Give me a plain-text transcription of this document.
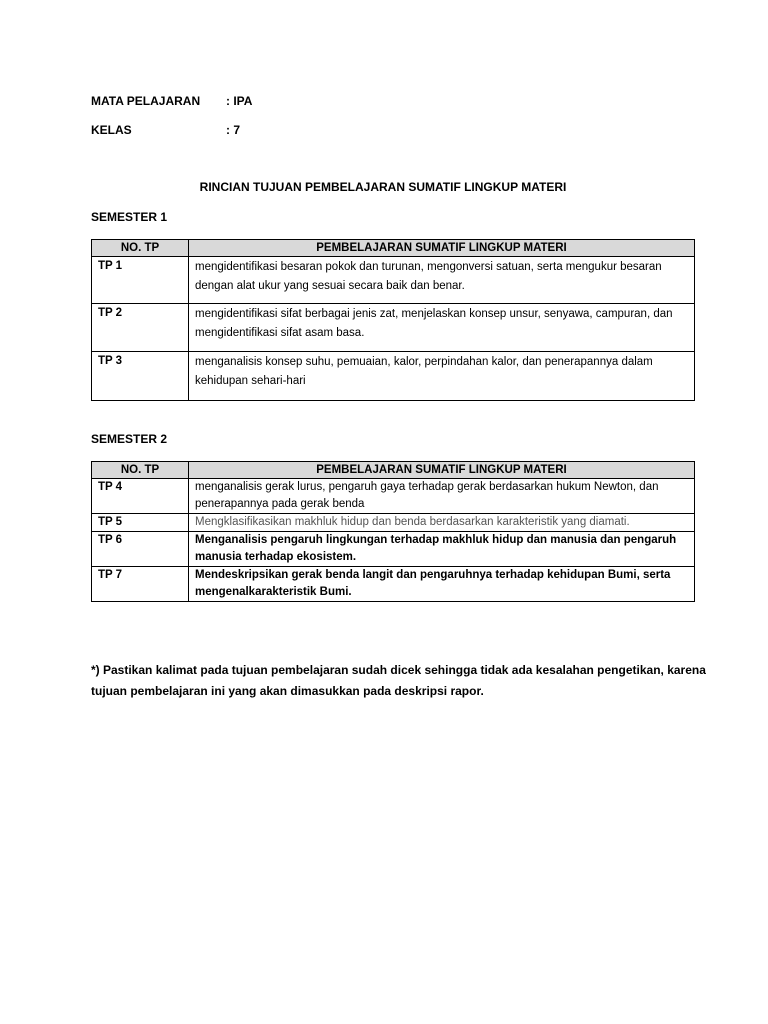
MATA PELAJARAN : IPA
KELAS	: 7
RINCIAN TUJUAN PEMBELAJARAN SUMATIF LINGKUP MATERI
SEMESTER 1
NO. TP	PEMBELAJARAN SUMATIF LINGKUP MATERI
TP 1	mengidentifikasi besaran pokok dan turunan, mengonversi satuan, serta mengukur besaran dengan alat ukur yang sesuai secara baik dan benar.
TP 2	mengidentifikasi sifat berbagai jenis zat, menjelaskan konsep unsur, senyawa, campuran, dan mengidentifikasi sifat asam basa.
TP 3	menganalisis konsep suhu, pemuaian, kalor, perpindahan kalor, dan penerapannya dalam kehidupan sehari-hari
SEMESTER 2
NO. TP	PEMBELAJARAN SUMATIF LINGKUP MATERI
TP 4	menganalisis gerak lurus, pengaruh gaya terhadap gerak berdasarkan hukum Newton, dan penerapannya pada gerak benda
TP 5	Mengklasifikasikan makhluk hidup dan benda berdasarkan karakteristik yang diamati.
TP 6	Menganalisis pengaruh lingkungan terhadap makhluk hidup dan manusia dan pengaruh manusia terhadap ekosistem.
TP 7	Mendeskripsikan gerak benda langit dan pengaruhnya terhadap kehidupan Bumi, serta mengenalkarakteristik Bumi.
*) Pastikan kalimat pada tujuan pembelajaran sudah dicek sehingga tidak ada kesalahan pengetikan, karena tujuan pembelajaran ini yang akan dimasukkan pada deskripsi rapor.
